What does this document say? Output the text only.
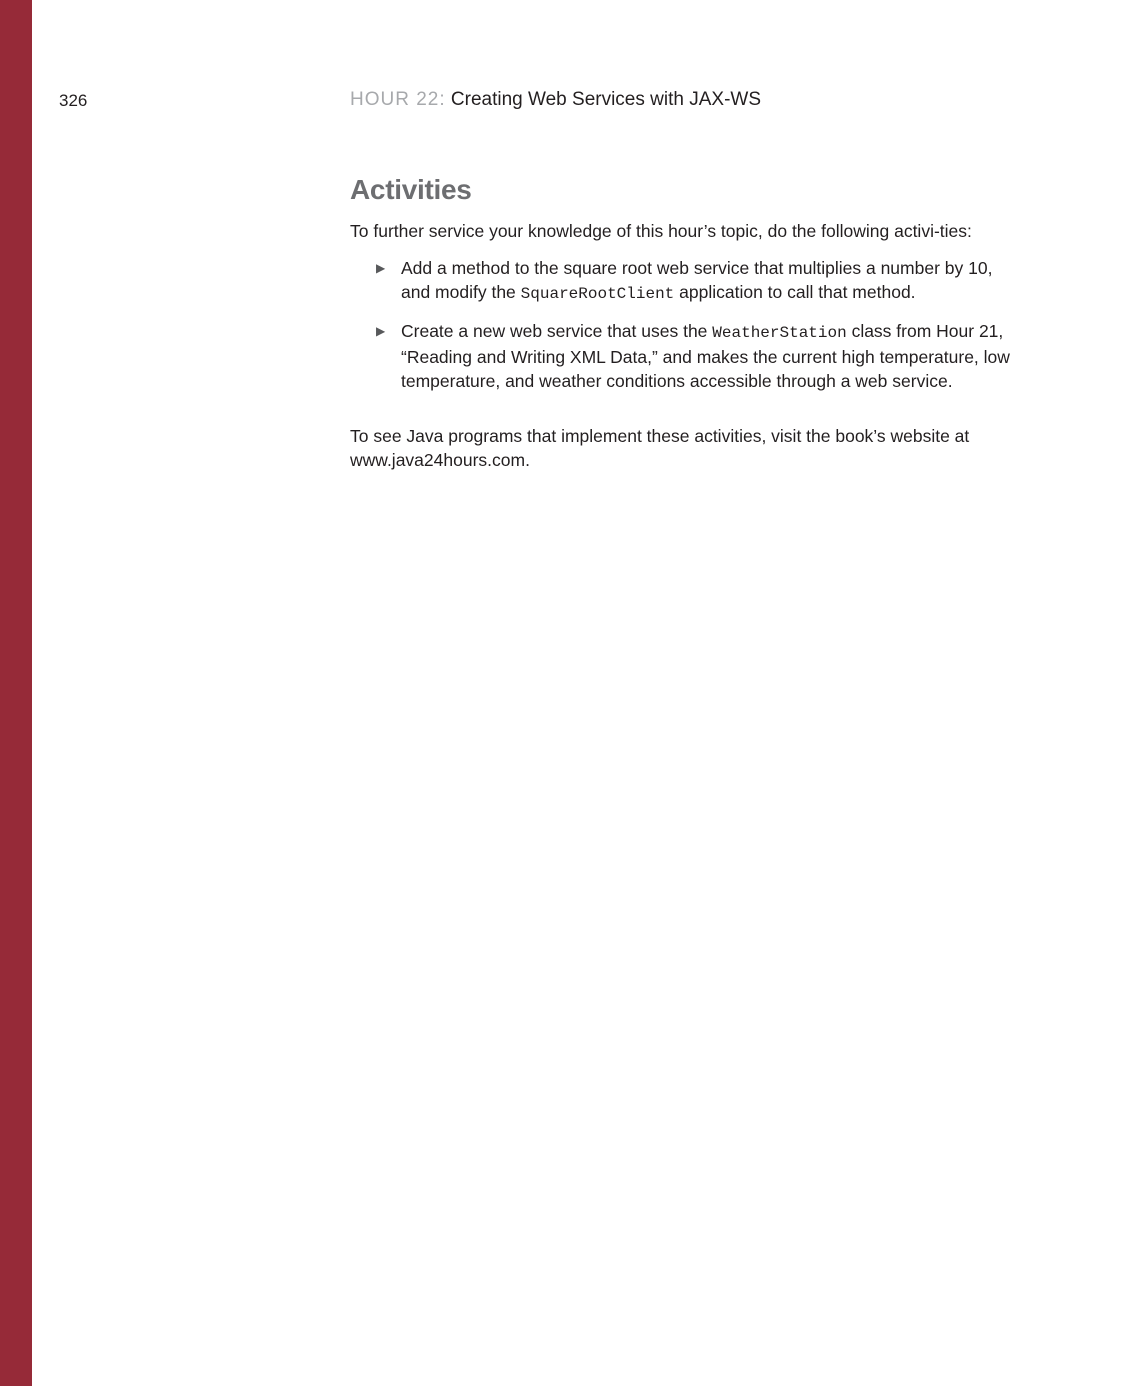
326	HOUR 22: Creating Web Services with JAX-WS
Activities

To further service your knowledge of this hour’s topic, do the following activi-ties:

▶ Add a method to the square root web service that multiplies a number by 10, and modify the SquareRootClient application to call that method.
▶ Create a new web service that uses the WeatherStation class from Hour 21, “Reading and Writing XML Data,” and makes the current high temperature, low temperature, and weather conditions accessible through a web service.

To see Java programs that implement these activities, visit the book’s website at www.java24hours.com.
